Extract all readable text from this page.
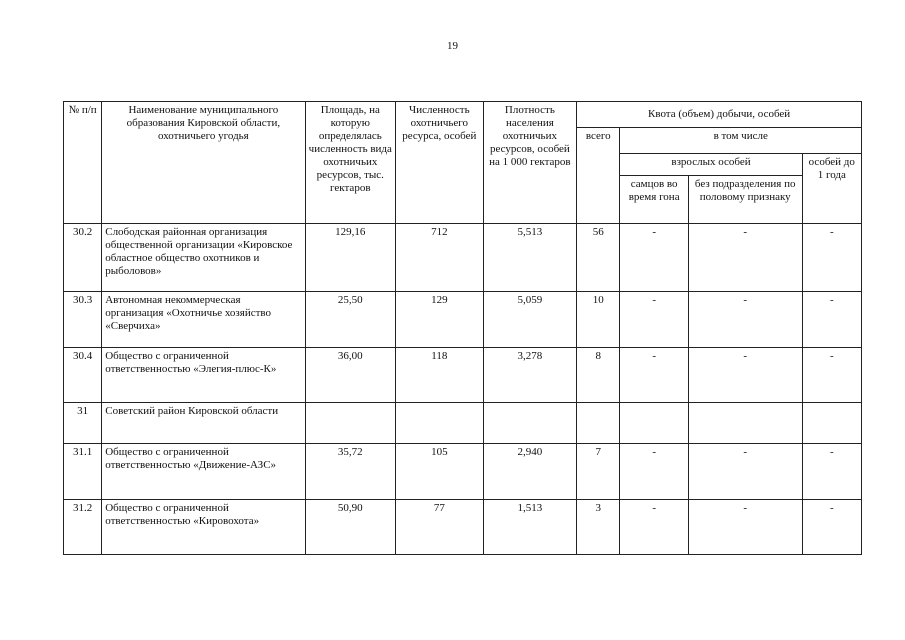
19
№ п/п	Наименование муниципального образования Кировской области, охотничьего угодья	Площадь, на которую определялась численность вида охотничьих ресурсов, тыс. гектаров	Численность охотничьего ресурса, особей	Плотность населения охотничьих ресурсов, особей на 1 000 гектаров	Квота (объем) добычи, особей			
					всего	в том числе		
						взрослых особей		особей до 1 года
						самцов во время гона	без подразделения по половому признаку	
30.2	Слободская районная организация общественной организации «Кировское областное общество охотников и рыболовов»	129,16	712	5,513	56	-	-	-
30.3	Автономная некоммерческая организация «Охотничье хозяйство «Сверчиха»	25,50	129	5,059	10	-	-	-
30.4	Общество с ограниченной ответственностью «Элегия-плюс-К»	36,00	118	3,278	8	-	-	-
31	Советский район Кировской области							
31.1	Общество с ограниченной ответственностью «Движение-АЗС»	35,72	105	2,940	7	-	-	-
31.2	Общество с ограниченной ответственностью «Кировохота»	50,90	77	1,513	3	-	-	-
